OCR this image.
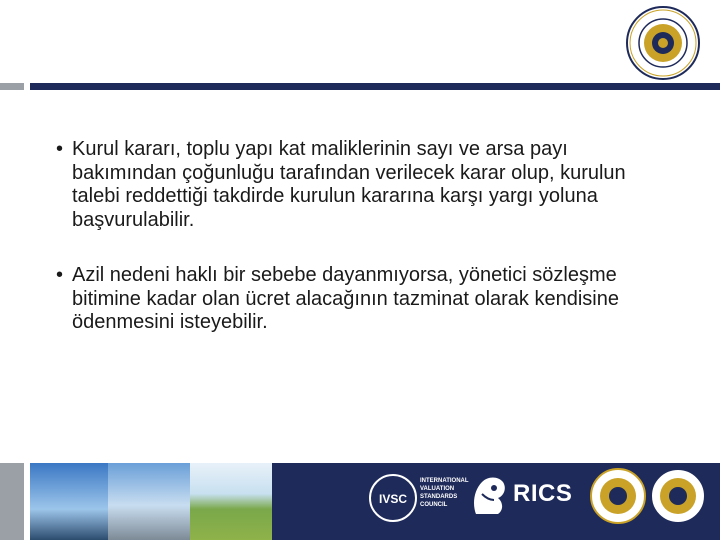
• Kurul kararı, toplu yapı kat maliklerinin sayı ve arsa payı bakımından çoğunluğu tarafından verilecek karar olup, kurulun talebi reddettiği takdirde kurulun kararına karşı yargı yoluna başvurulabilir.
• Azil nedeni haklı bir sebebe dayanmıyorsa, yönetici sözleşme bitimine kadar olan ücret alacağının tazminat olarak kendisine ödenmesini isteyebilir.
IVSC
INTERNATIONAL
VALUATION
STANDARDS
COUNCIL	RICS
